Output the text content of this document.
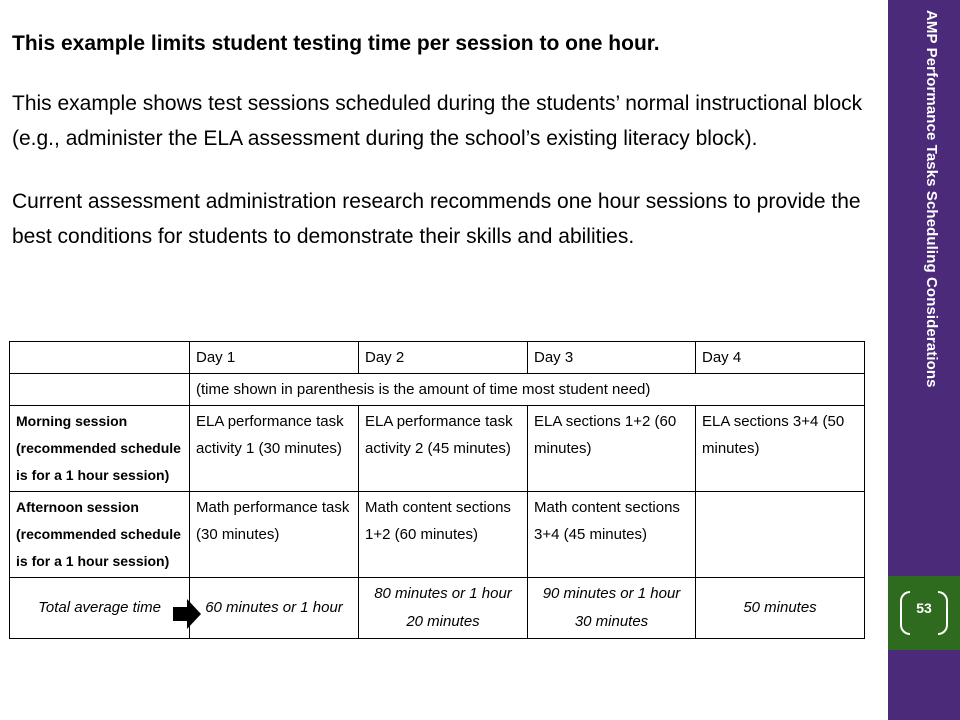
This example limits student testing time per session to one hour.

This example shows test sessions scheduled during the students’ normal instructional block (e.g., administer the ELA assessment during the school’s existing literacy block).

Current assessment administration research recommends one hour sessions to provide the best conditions for students to demonstrate their skills and abilities.

	Day 1	Day 2	Day 3	Day 4
	(time shown in parenthesis is the amount of time most student need)			
Morning session (recommended schedule is for a 1 hour session)	ELA performance task activity 1 (30 minutes)	ELA performance task activity 2 (45 minutes)	ELA sections 1+2 (60 minutes)	ELA sections 3+4 (50 minutes)
Afternoon session (recommended schedule is for a 1 hour session)	Math performance task (30 minutes)	Math content sections 1+2 (60 minutes)	Math content sections 3+4 (45 minutes)	
Total average time	60 minutes or 1 hour	80 minutes or 1 hour 20 minutes	90 minutes or 1 hour 30 minutes	50 minutes
AMP Performance Tasks Scheduling Considerations
53
